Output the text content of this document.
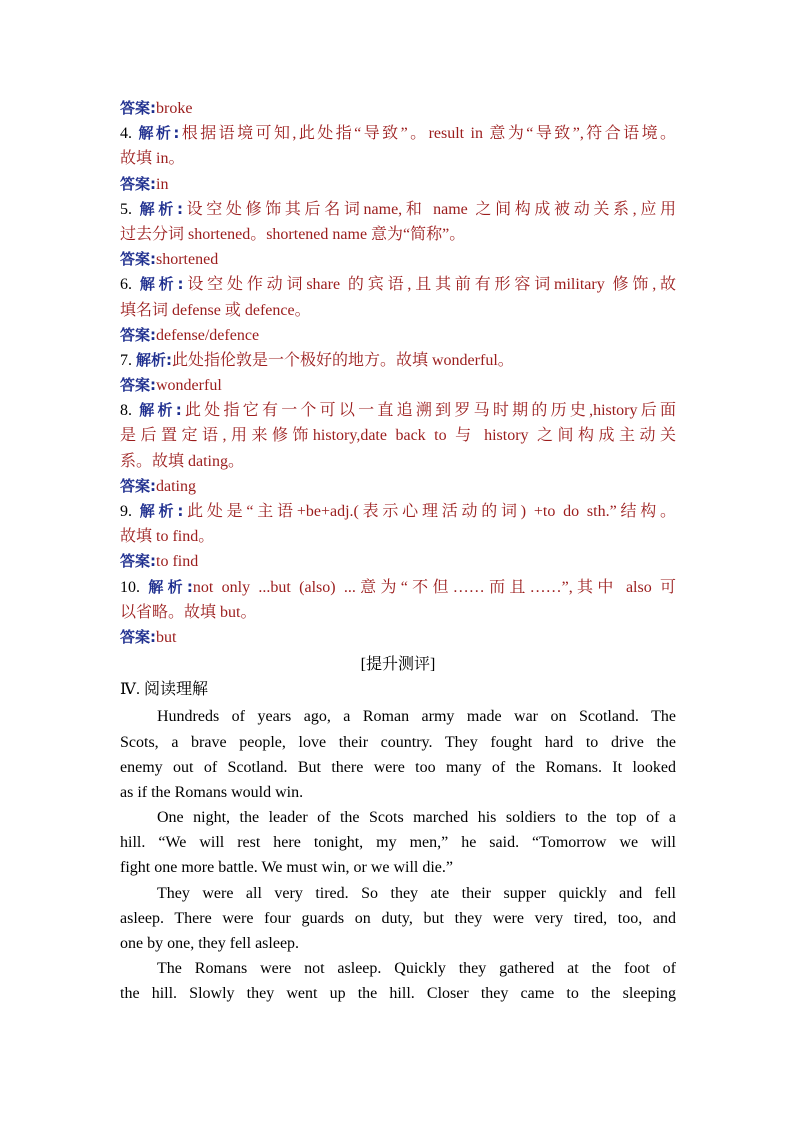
答案:broke
4. 解析:根据语境可知,此处指“导致”。result in 意为“导致”,符合语境。
故填 in。
答案:in
5. 解析:设空处修饰其后名词name,和 name 之间构成被动关系,应用
过去分词 shortened。shortened name 意为“简称”。
答案:shortened
6. 解析:设空处作动词share 的宾语,且其前有形容词military 修饰,故
填名词 defense 或 defence。
答案:defense/defence
7. 解析:此处指伦敦是一个极好的地方。故填 wonderful。
答案:wonderful
8. 解析:此处指它有一个可以一直追溯到罗马时期的历史,history后面
是后置定语,用来修饰history,date back to 与 history 之间构成主动关
系。故填 dating。
答案:dating
9. 解析:此处是“主语+be+adj.(表示心理活动的词) +to do sth.”结构。
故填 to find。
答案:to find
10. 解析:not only ...but (also) ...意为“不但……而且……”,其中 also 可
以省略。故填 but。
答案:but
[提升测评]
Ⅳ. 阅读理解
Hundreds of years ago, a Roman army made war on Scotland. The
Scots, a brave people, love their country. They fought hard to drive the
enemy out of Scotland. But there were too many of the Romans. It looked
as if the Romans would win.
One night, the leader of the Scots marched his soldiers to the top of a
hill. “We will rest here tonight, my men,” he said. “Tomorrow we will
fight one more battle. We must win, or we will die.”
They were all very tired. So they ate their supper quickly and fell
asleep. There were four guards on duty, but they were very tired, too, and
one by one, they fell asleep.
The Romans were not asleep. Quickly they gathered at the foot of
the hill. Slowly they went up the hill. Closer they came to the sleeping
